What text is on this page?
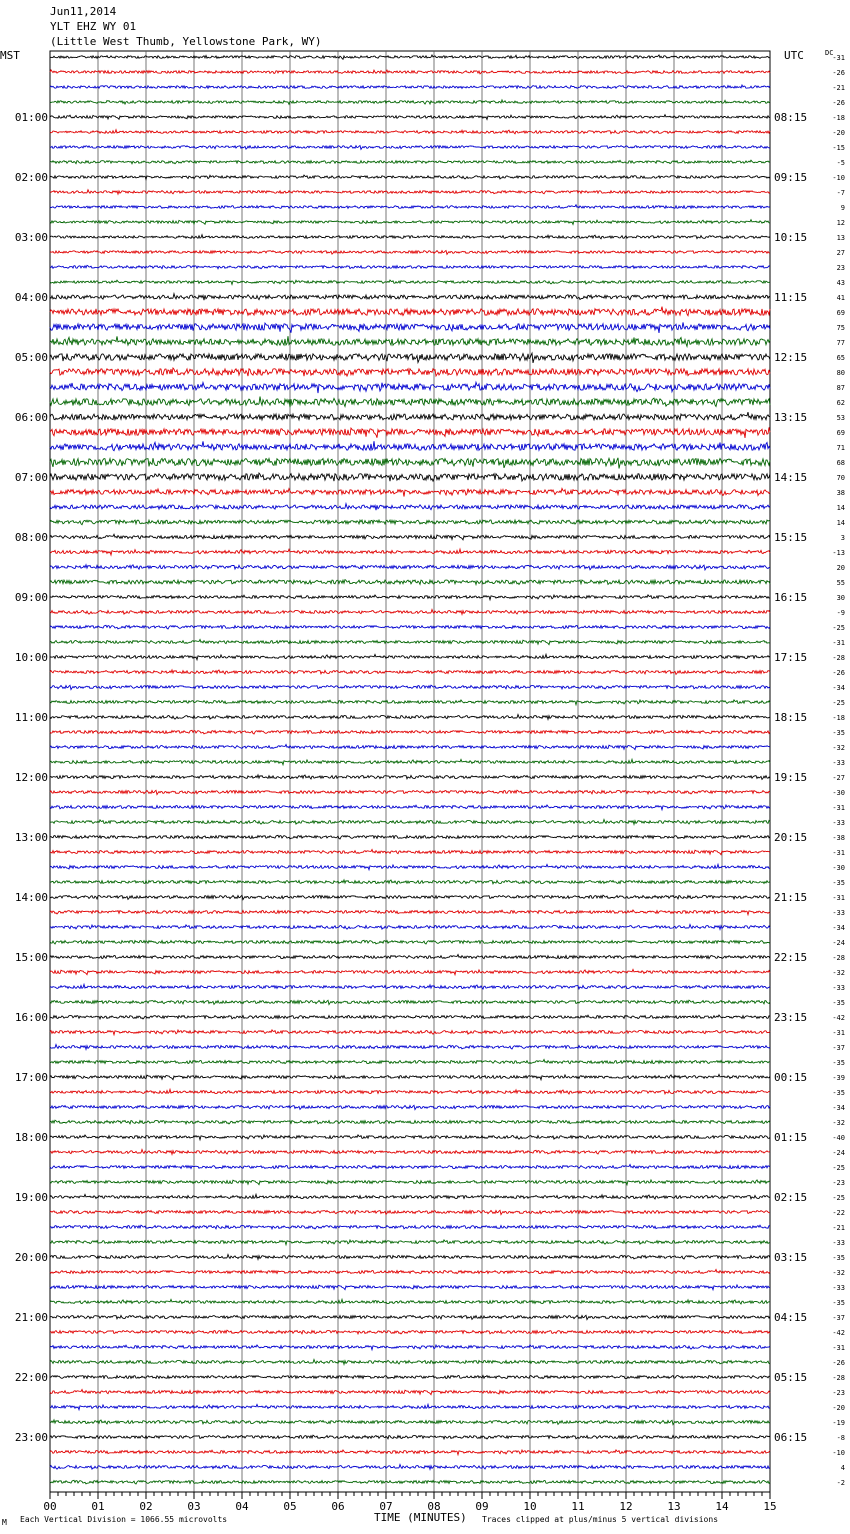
Jun11,2014
YLT EHZ WY 01
(Little West Thumb, Yellowstone Park, WY)
MST	UTC	DC
-31
-26
-21
-26
-18
-20
-15
-5
-10
-7
9
12
13
27
23
43
41
69
75
77
65
80
87
62
53
69
71
68
70
38
14
14
3
-13
20
55
30
-9
-25
-31
-28
-26
-34
-25
-18
-35
-32
-33
-27
-30
-31
-33
-38
-31
-30
-35
-31
-33
-34
-24
-28
-32
-33
-35
-42
-31
-37
-35
-39
-35
-34
-32
-40
-24
-25
-23
-25
-22
-21
-33
-35
-32
-33
-35
-37
-42
-31
-26
-28
-23
-20
-19
-8
-10
4
-2
01:00	08:15
02:00	09:15
03:00	10:15
04:00	11:15
05:00	12:15
06:00	13:15
07:00	14:15
08:00	15:15
09:00	16:15
10:00	17:15
11:00	18:15
12:00	19:15
13:00	20:15
14:00	21:15
15:00	22:15
16:00	23:15
17:00	00:15
18:00	01:15
19:00	02:15
20:00	03:15
21:00	04:15
22:00	05:15
23:00	06:15
00	01	02	03	04	05	06	07	08	09	10	11	12	13	14	15
M Each Vertical Division = 1066.55 microvolts	TIME (MINUTES) Traces clipped at plus/minus 5 vertical divisions
